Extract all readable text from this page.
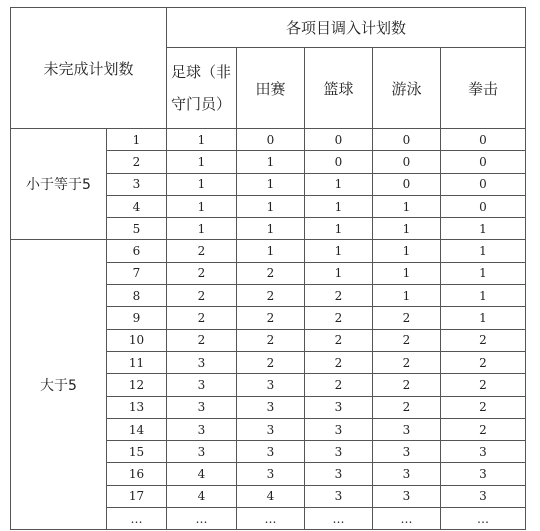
未完成计划数		各项目调入计划数				
		足球（非守门员）	田赛	篮球	游泳	拳击
小于等于5	1	1	0	0	0	0
	2	1	1	0	0	0
	3	1	1	1	0	0
	4	1	1	1	1	0
	5	1	1	1	1	1
大于5	6	2	1	1	1	1
	7	2	2	1	1	1
	8	2	2	2	1	1
	9	2	2	2	2	1
	10	2	2	2	2	2
	11	3	2	2	2	2
	12	3	3	2	2	2
	13	3	3	3	2	2
	14	3	3	3	3	2
	15	3	3	3	3	3
	16	4	3	3	3	3
	17	4	4	3	3	3
	…	…	…	…	…	…
